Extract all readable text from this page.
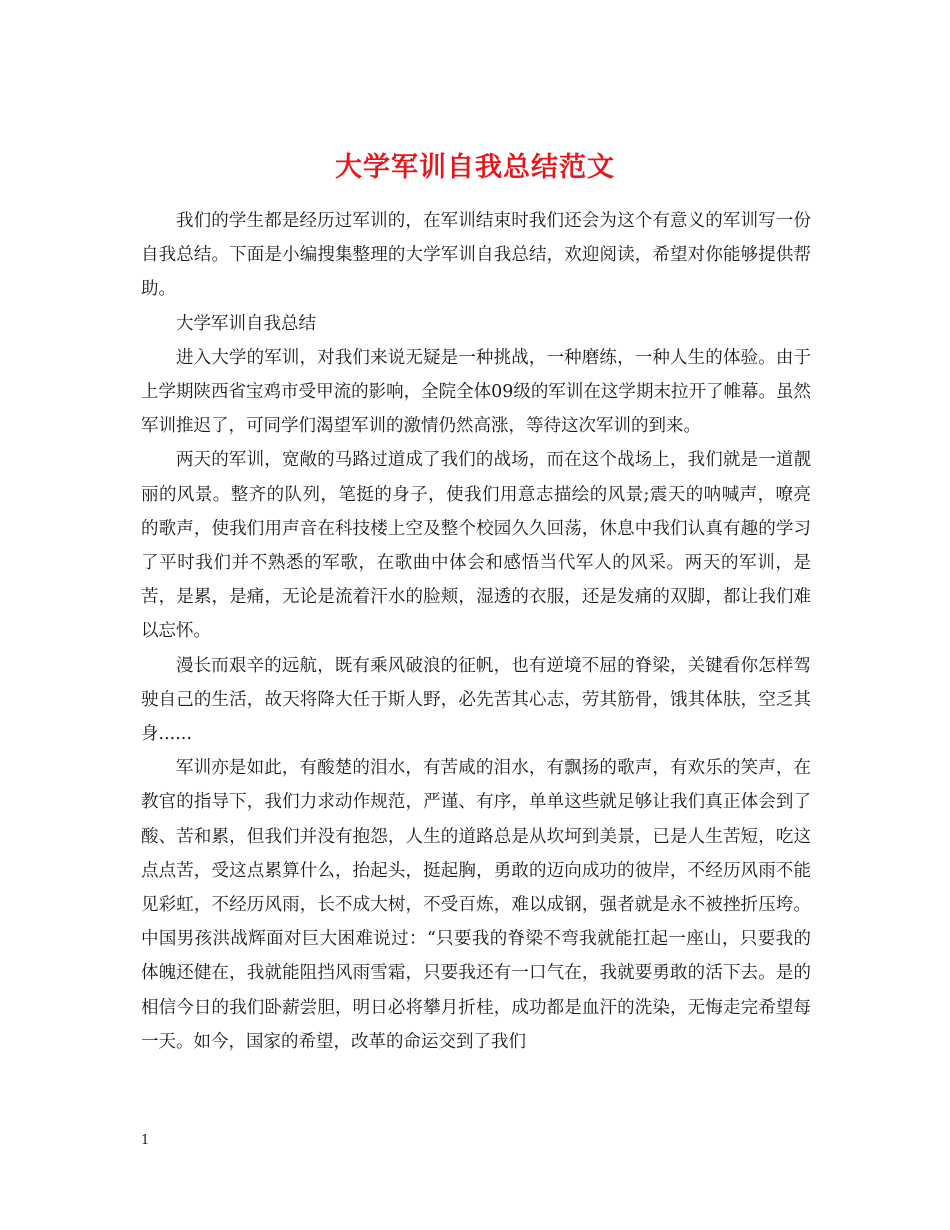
大学军训自我总结范文

我们的学生都是经历过军训的，在军训结束时我们还会为这个有意义的军训写一份自我总结。下面是小编搜集整理的大学军训自我总结，欢迎阅读，希望对你能够提供帮助。

大学军训自我总结

进入大学的军训，对我们来说无疑是一种挑战，一种磨练，一种人生的体验。由于上学期陕西省宝鸡市受甲流的影响，全院全体09级的军训在这学期末拉开了帷幕。虽然军训推迟了，可同学们渴望军训的激情仍然高涨，等待这次军训的到来。

两天的军训，宽敞的马路过道成了我们的战场，而在这个战场上，我们就是一道靓丽的风景。整齐的队列，笔挺的身子，使我们用意志描绘的风景;震天的呐喊声，嘹亮的歌声，使我们用声音在科技楼上空及整个校园久久回荡，休息中我们认真有趣的学习了平时我们并不熟悉的军歌，在歌曲中体会和感悟当代军人的风采。两天的军训，是苦，是累，是痛，无论是流着汗水的脸颊，湿透的衣服，还是发痛的双脚，都让我们难以忘怀。

漫长而艰辛的远航，既有乘风破浪的征帆，也有逆境不屈的脊梁，关键看你怎样驾驶自己的生活，故天将降大任于斯人野，必先苦其心志，劳其筋骨，饿其体肤，空乏其身......

军训亦是如此，有酸楚的泪水，有苦咸的泪水，有飘扬的歌声，有欢乐的笑声，在教官的指导下，我们力求动作规范，严谨、有序，单单这些就足够让我们真正体会到了酸、苦和累，但我们并没有抱怨，人生的道路总是从坎坷到美景，已是人生苦短，吃这点点苦，受这点累算什么，抬起头，挺起胸，勇敢的迈向成功的彼岸，不经历风雨不能见彩虹，不经历风雨，长不成大树，不受百炼，难以成钢，强者就是永不被挫折压垮。中国男孩洪战辉面对巨大困难说过：“只要我的脊梁不弯我就能扛起一座山，只要我的体魄还健在，我就能阻挡风雨雪霜，只要我还有一口气在，我就要勇敢的活下去。是的相信今日的我们卧薪尝胆，明日必将攀月折桂，成功都是血汗的洗染，无悔走完希望每一天。如今，国家的希望，改革的命运交到了我们

1
